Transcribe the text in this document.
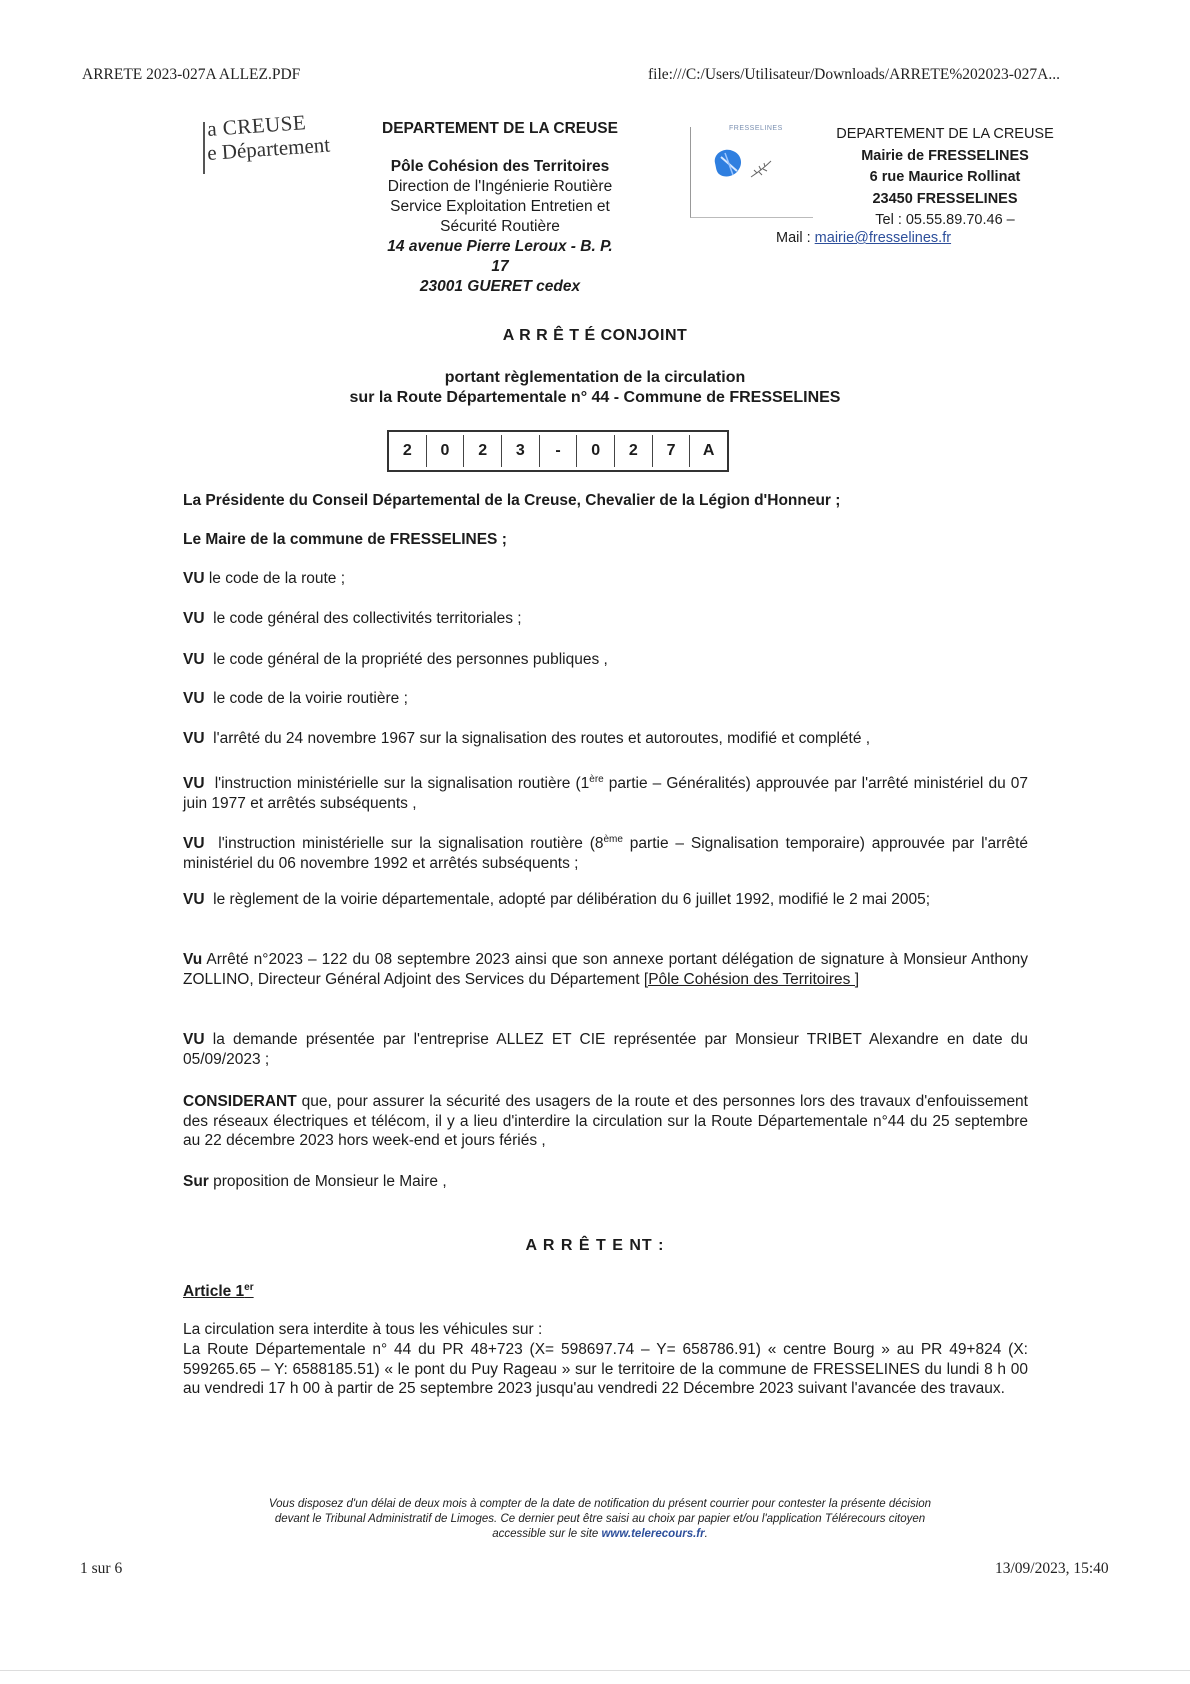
ARRETE 2023-027A ALLEZ.PDF	file:///C:/Users/Utilisateur/Downloads/ARRETE%202023-027A...
a CREUSE
e Département
DEPARTEMENT DE LA CREUSE
Pôle Cohésion des Territoires
Direction de l'Ingénierie Routière
Service Exploitation Entretien et
Sécurité Routière
14 avenue Pierre Leroux - B. P.
17
23001 GUERET cedex
FRESSELINES	DEPARTEMENT DE LA CREUSE
Mairie de FRESSELINES
6 rue Maurice Rollinat
23450 FRESSELINES
Tel : 05.55.89.70.46 –
Mail : mairie@fresselines.fr
A R R Ê T É CONJOINT
portant règlementation de la circulation
sur la Route Départementale n° 44 - Commune de FRESSELINES
2	0	2	3	-	0	2	7	A
La Présidente du Conseil Départemental de la Creuse, Chevalier de la Légion d'Honneur ;
Le Maire de la commune de FRESSELINES ;
VU le code de la route ;
VU le code général des collectivités territoriales ;
VU le code général de la propriété des personnes publiques ,
VU le code de la voirie routière ;
VU l'arrêté du 24 novembre 1967 sur la signalisation des routes et autoroutes, modifié et complété ,
VU l'instruction ministérielle sur la signalisation routière (1ère partie – Généralités) approuvée par l'arrêté ministériel du 07 juin 1977 et arrêtés subséquents ,
VU l'instruction ministérielle sur la signalisation routière (8ème partie – Signalisation temporaire) approuvée par l'arrêté ministériel du 06 novembre 1992 et arrêtés subséquents ;
VU le règlement de la voirie départementale, adopté par délibération du 6 juillet 1992, modifié le 2 mai 2005;
Vu Arrêté n°2023 – 122 du 08 septembre 2023 ainsi que son annexe portant délégation de signature à Monsieur Anthony ZOLLINO, Directeur Général Adjoint des Services du Département [Pôle Cohésion des Territoires ]
VU la demande présentée par l'entreprise ALLEZ ET CIE représentée par Monsieur TRIBET Alexandre en date du 05/09/2023 ;
CONSIDERANT que, pour assurer la sécurité des usagers de la route et des personnes lors des travaux d'enfouissement des réseaux électriques et télécom, il y a lieu d'interdire la circulation sur la Route Départementale n°44 du 25 septembre au 22 décembre 2023 hors week-end et jours fériés ,
Sur proposition de Monsieur le Maire ,
A R R Ê T E NT :
Article 1er
La circulation sera interdite à tous les véhicules sur :
La Route Départementale n° 44 du PR 48+723 (X= 598697.74 – Y= 658786.91) « centre Bourg » au PR 49+824 (X: 599265.65 – Y: 6588185.51) « le pont du Puy Rageau » sur le territoire de la commune de FRESSELINES du lundi 8 h 00 au vendredi 17 h 00 à partir de 25 septembre 2023 jusqu'au vendredi 22 Décembre 2023 suivant l'avancée des travaux.
Vous disposez d'un délai de deux mois à compter de la date de notification du présent courrier pour contester la présente décision
devant le Tribunal Administratif de Limoges. Ce dernier peut être saisi au choix par papier et/ou l'application Télérecours citoyen
accessible sur le site www.telerecours.fr.
1 sur 6	13/09/2023, 15:40
